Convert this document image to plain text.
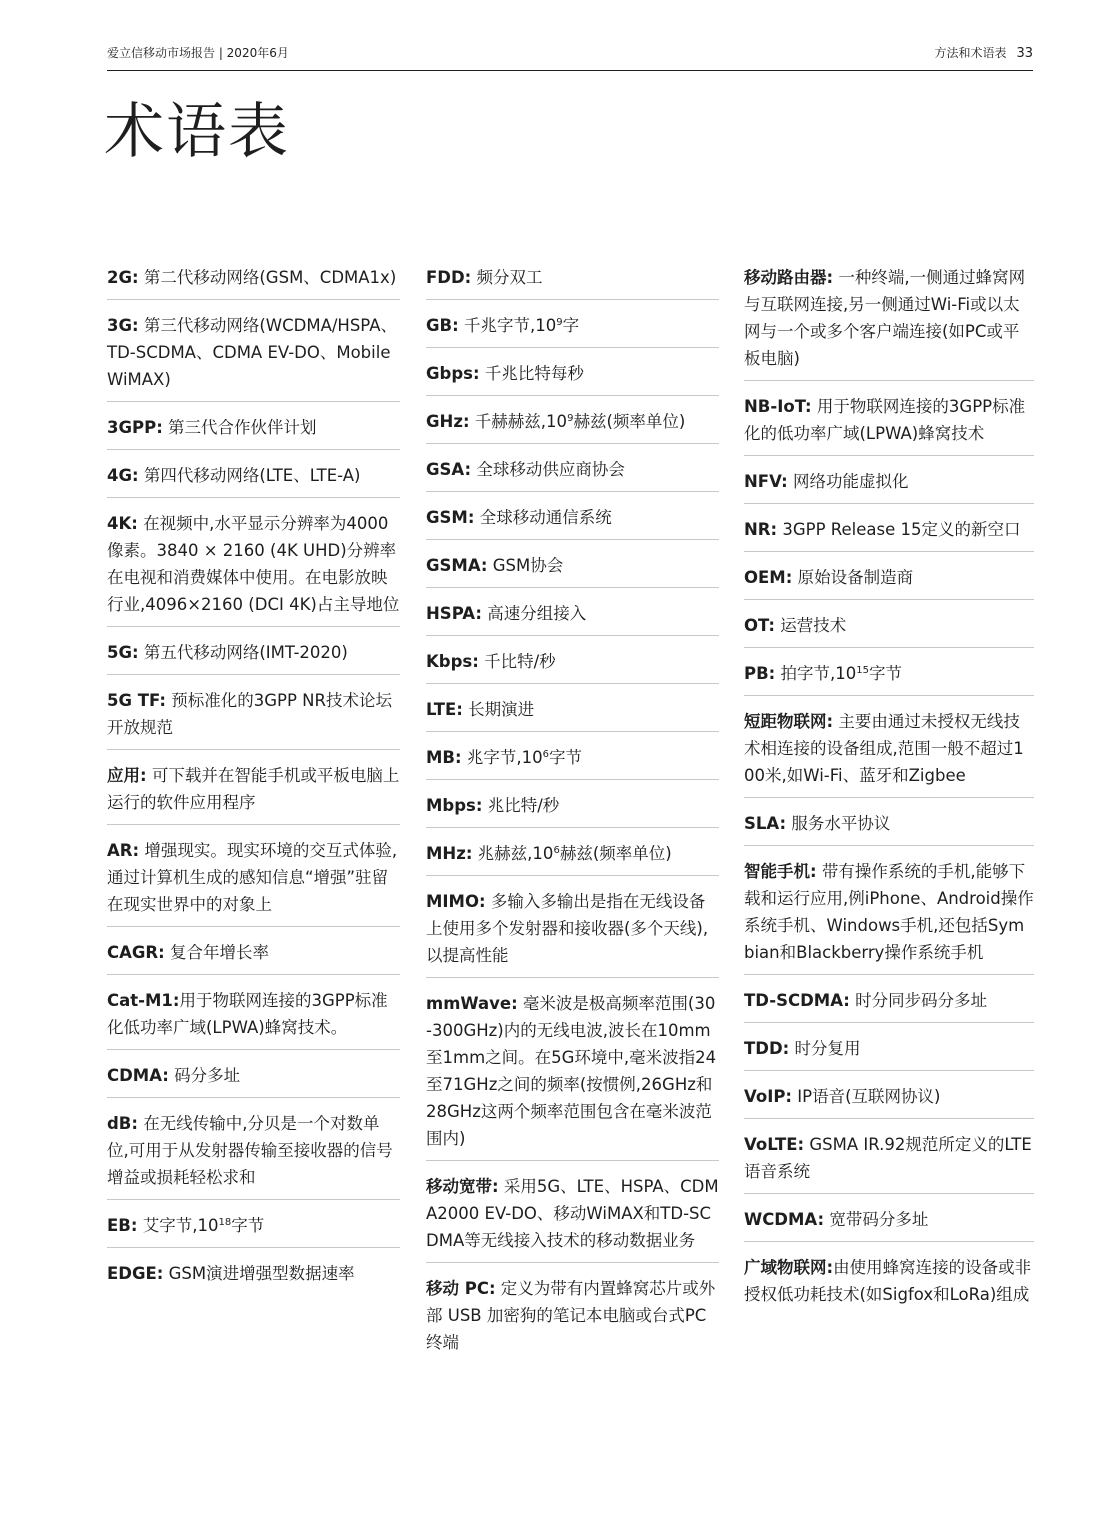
爱立信移动市场报告 | 2020年6月	方法和术语表 33
术语表
2G: 第二代移动网络(GSM、CDMA1x)
3G: 第三代移动网络(WCDMA/HSPA、TD-SCDMA、CDMA EV-DO、Mobile WiMAX)
3GPP: 第三代合作伙伴计划
4G: 第四代移动网络(LTE、LTE-A)
4K: 在视频中,水平显示分辨率为4000像素。3840 × 2160 (4K UHD)分辨率在电视和消费媒体中使用。在电影放映行业,4096×2160 (DCI 4K)占主导地位
5G: 第五代移动网络(IMT-2020)
5G TF: 预标准化的3GPP NR技术论坛开放规范
应用: 可下载并在智能手机或平板电脑上运行的软件应用程序
AR: 增强现实。现实环境的交互式体验,通过计算机生成的感知信息“增强”驻留在现实世界中的对象上
CAGR: 复合年增长率
Cat-M1:用于物联网连接的3GPP标准化低功率广域(LPWA)蜂窝技术。
CDMA: 码分多址
dB: 在无线传输中,分贝是一个对数单位,可用于从发射器传输至接收器的信号增益或损耗轻松求和
EB: 艾字节$,10^{18}$字节
EDGE: GSM演进增强型数据速率
FDD: 频分双工
GB: 千兆字节$,10^9$字
Gbps: 千兆比特每秒
GHz: 千赫赫兹$,10^9$赫兹(频率单位)
GSA: 全球移动供应商协会
GSM: 全球移动通信系统
GSMA: GSM协会
HSPA: 高速分组接入
Kbps: 千比特/秒
LTE: 长期演进
MB: 兆字节$,10^6$字节
Mbps: 兆比特/秒
MHz: 兆赫兹$,10^6$赫兹(频率单位)
MIMO: 多输入多输出是指在无线设备上使用多个发射器和接收器(多个天线),以提高性能
mmWave: 毫米波是极高频率范围(30-300GHz)内的无线电波,波长在10mm至1mm之间。在5G环境中,毫米波指24至71GHz之间的频率(按惯例,26GHz和28GHz这两个频率范围包含在毫米波范围内)
移动宽带: 采用5G、LTE、HSPA、CDMA2000 EV-DO、移动WiMAX和TD-SCDMA等无线接入技术的移动数据业务
移动 PC: 定义为带有内置蜂窝芯片或外部 USB 加密狗的笔记本电脑或台式PC终端
移动路由器: 一种终端,一侧通过蜂窝网与互联网连接,另一侧通过Wi-Fi或以太网与一个或多个客户端连接(如PC或平板电脑)
NB-IoT: 用于物联网连接的3GPP标准化的低功率广域(LPWA)蜂窝技术
NFV: 网络功能虚拟化
NR: 3GPP Release 15定义的新空口
OEM: 原始设备制造商
OT: 运营技术
PB: 拍字节$,10^{15}$字节
短距物联网: 主要由通过未授权无线技术相连接的设备组成,范围一般不超过100米,如Wi-Fi、蓝牙和Zigbee
SLA: 服务水平协议
智能手机: 带有操作系统的手机,能够下载和运行应用,例iPhone、Android操作系统手机、Windows手机,还包括Symbian和Blackberry操作系统手机
TD-SCDMA: 时分同步码分多址
TDD: 时分复用
VoIP: IP语音(互联网协议)
VoLTE: GSMA IR.92规范所定义的LTE语音系统
WCDMA: 宽带码分多址
广域物联网:由使用蜂窝连接的设备或非授权低功耗技术(如Sigfox和LoRa)组成
